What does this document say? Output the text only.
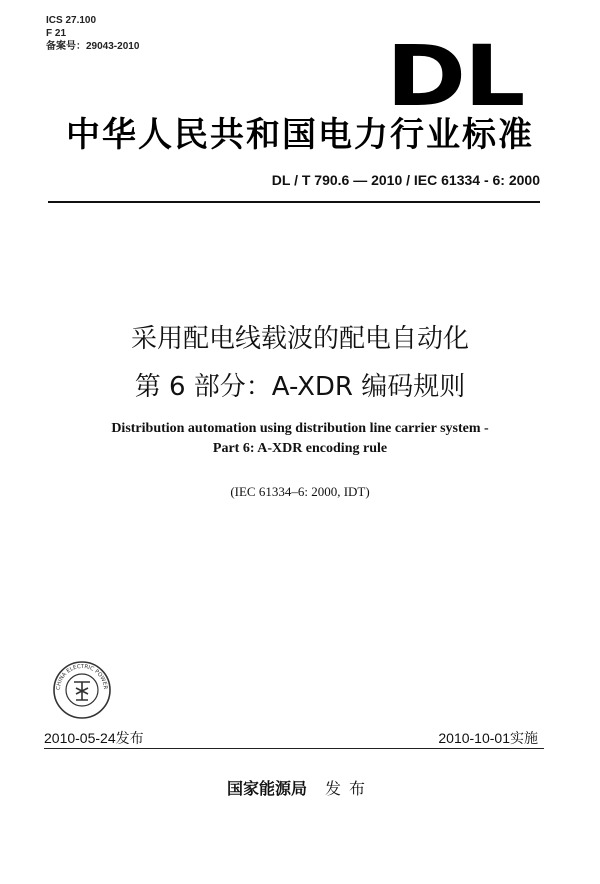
ICS 27.100
F 21
备案号：29043-2010	DL
中华人民共和国电力行业标准
DL / T 790.6 — 2010 / IEC 61334 - 6: 2000
采用配电线载波的配电自动化
第 6 部分：A-XDR 编码规则
Distribution automation using distribution line carrier system -
Part 6: A-XDR encoding rule
(IEC 61334–6: 2000, IDT)
CHINA ELECTRIC POWER
2010-05-24发布	2010-10-01实施
国家能源局 发布
